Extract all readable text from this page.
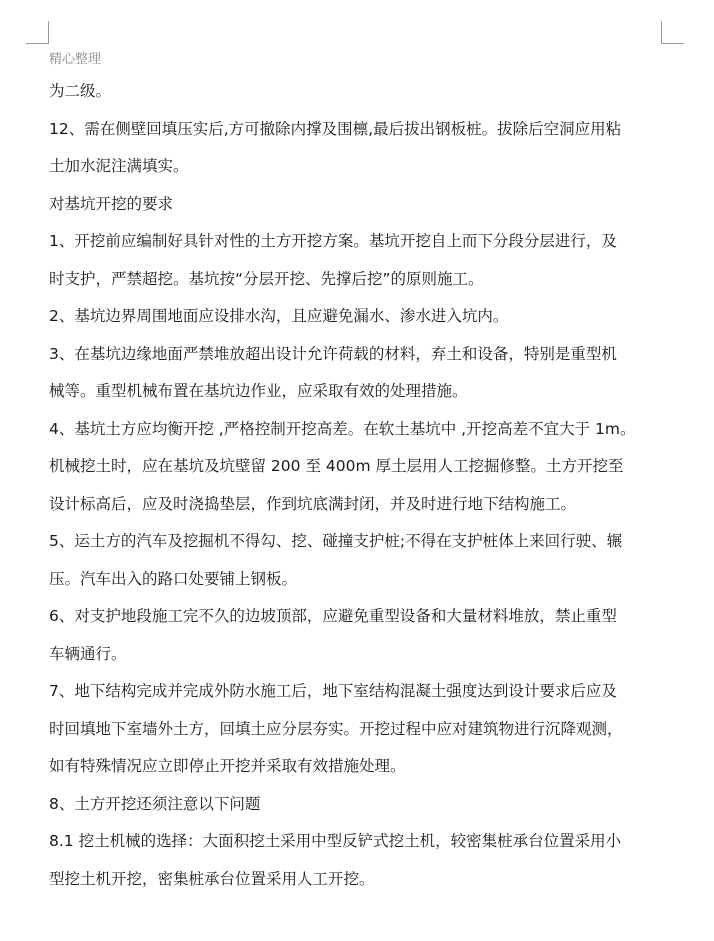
精心整理
为二级。
12、需在侧壁回填压实后,方可撤除内撑及围檩,最后拔出钢板桩。拔除后空洞应用粘
土加水泥注满填实。
对基坑开挖的要求
1、开挖前应编制好具针对性的土方开挖方案。基坑开挖自上而下分段分层进行，及
时支护，严禁超挖。基坑按“分层开挖、先撑后挖”的原则施工。
2、基坑边界周围地面应设排水沟，且应避免漏水、渗水进入坑内。
3、在基坑边缘地面严禁堆放超出设计允许荷载的材料，弃土和设备，特别是重型机
械等。重型机械布置在基坑边作业，应采取有效的处理措施。
4、基坑土方应均衡开挖 ,严格控制开挖高差。在软土基坑中 ,开挖高差不宜大于 1m。
机械挖土时，应在基坑及坑壁留 200 至 400m 厚土层用人工挖掘修整。土方开挖至
设计标高后，应及时浇捣垫层，作到坑底满封闭，并及时进行地下结构施工。
5、运土方的汽车及挖掘机不得勾、挖、碰撞支护桩;不得在支护桩体上来回行驶、辗
压。汽车出入的路口处要铺上钢板。
6、对支护地段施工完不久的边坡顶部，应避免重型设备和大量材料堆放，禁止重型
车辆通行。
7、地下结构完成并完成外防水施工后，地下室结构混凝土强度达到设计要求后应及
时回填地下室墙外土方，回填土应分层夯实。开挖过程中应对建筑物进行沉降观测，
如有特殊情况应立即停止开挖并采取有效措施处理。
8、土方开挖还须注意以下问题
8.1 挖土机械的选择：大面积挖土采用中型反铲式挖土机，较密集桩承台位置采用小
型挖土机开挖，密集桩承台位置采用人工开挖。
